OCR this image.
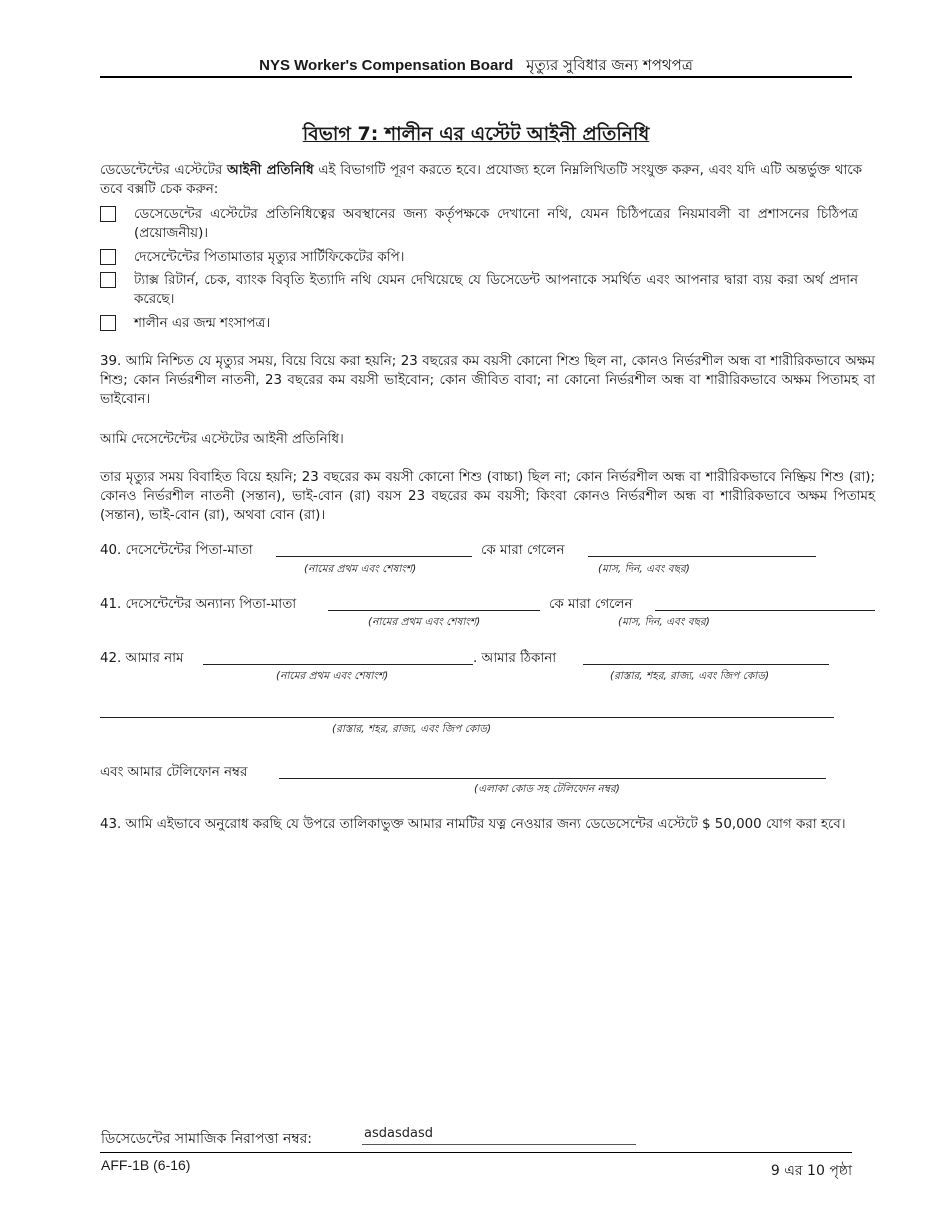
NYS Worker's Compensation Board মৃত্যুর সুবিধার জন্য শপথপত্র
বিভাগ 7: শালীন এর এস্টেট আইনী প্রতিনিধি
ডেডেন্টেন্টের এস্টেটের আইনী প্রতিনিধি এই বিভাগটি পূরণ করতে হবে। প্রযোজ্য হলে নিম্নলিখিতটি সংযুক্ত করুন, এবং যদি এটি অন্তর্ভুক্ত থাকে তবে বক্সটি চেক করুন:
ডেসেডেন্টের এস্টেটের প্রতিনিধিত্বের অবস্থানের জন্য কর্তৃপক্ষকে দেখানো নথি, যেমন চিঠিপত্রের নিয়মাবলী বা প্রশাসনের চিঠিপত্র (প্রয়োজনীয়)।
দেসেন্টেন্টের পিতামাতার মৃত্যুর সার্টিফিকেটের কপি।
ট্যাক্স রিটার্ন, চেক, ব্যাংক বিবৃতি ইত্যাদি নথি যেমন দেখিয়েছে যে ডিসেডেন্ট আপনাকে সমর্থিত এবং আপনার দ্বারা ব্যয় করা অর্থ প্রদান করেছে।
শালীন এর জন্ম শংসাপত্র।
39. আমি নিশ্চিত যে মৃত্যুর সময়, বিয়ে বিয়ে করা হয়নি; 23 বছরের কম বয়সী কোনো শিশু ছিল না, কোনও নির্ভরশীল অন্ধ বা শারীরিকভাবে অক্ষম শিশু; কোন নির্ভরশীল নাতনী, 23 বছরের কম বয়সী ভাইবোন; কোন জীবিত বাবা; না কোনো নির্ভরশীল অন্ধ বা শারীরিকভাবে অক্ষম পিতামহ বা ভাইবোন।
আমি দেসেন্টেন্টের এস্টেটের আইনী প্রতিনিধি।
তার মৃত্যুর সময় বিবাহিত বিয়ে হয়নি; 23 বছরের কম বয়সী কোনো শিশু (বাচ্চা) ছিল না; কোন নির্ভরশীল অন্ধ বা শারীরিকভাবে নিষ্ক্রিয় শিশু (রা); কোনও নির্ভরশীল নাতনী (সন্তান), ভাই-বোন (রা) বয়স 23 বছরের কম বয়সী; কিংবা কোনও নির্ভরশীল অন্ধ বা শারীরিকভাবে অক্ষম পিতামহ (সন্তান), ভাই-বোন (রা), অথবা বোন (রা)।
40. দেসেন্টেন্টের পিতা-মাতা	কে মারা গেলেন
(নামের প্রথম এবং শেষাংশ)	(মাস, দিন, এবং বছর)
41. দেসেন্টেন্টের অন্যান্য পিতা-মাতা	কে মারা গেলেন
(নামের প্রথম এবং শেষাংশ)	(মাস, দিন, এবং বছর)
42. আমার নাম	. আমার ঠিকানা
(নামের প্রথম এবং শেষাংশ)	(রাস্তার, শহর, রাজ্য, এবং জিপ কোড)
(রাস্তার, শহর, রাজ্য, এবং জিপ কোড)
এবং আমার টেলিফোন নম্বর
(এলাকা কোড সহ টেলিফোন নম্বর)
43. আমি এইভাবে অনুরোধ করছি যে উপরে তালিকাভুক্ত আমার নামটির যত্ন নেওয়ার জন্য ডেডেসেন্টের এস্টেটে $ 50,000 যোগ করা হবে।
ডিসেডেন্টের সামাজিক নিরাপত্তা নম্বর:
asdasdasd
AFF-1B (6-16)	9 এর 10 পৃষ্ঠা
